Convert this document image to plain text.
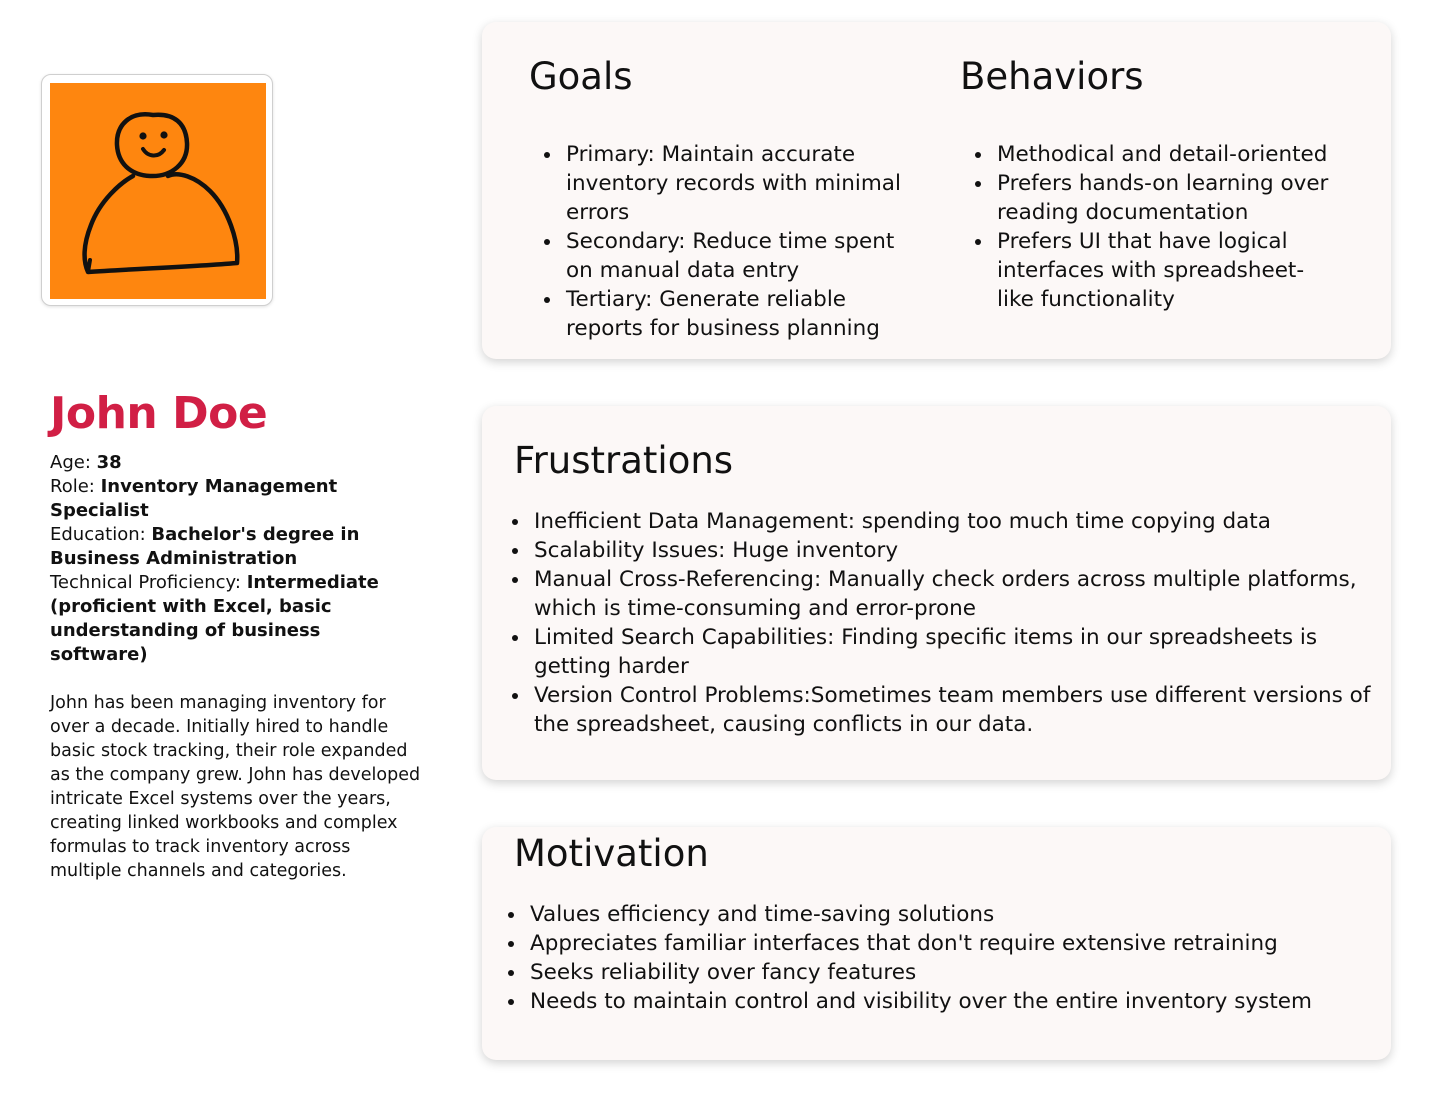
John Doe
Age: 38
Role: Inventory Management Specialist
Education: Bachelor's degree in Business Administration
Technical Proficiency: Intermediate (proficient with Excel, basic understanding of business software)

John has been managing inventory for over a decade. Initially hired to handle basic stock tracking, their role expanded as the company grew. John has developed intricate Excel systems over the years, creating linked workbooks and complex formulas to track inventory across multiple channels and categories.

Goals	Behaviors
Primary: Maintain accurate inventory records with minimal errors
Secondary: Reduce time spent on manual data entry
Tertiary: Generate reliable reports for business planning
Methodical and detail-oriented
Prefers hands-on learning over reading documentation
Prefers UI that have logical interfaces with spreadsheet-like functionality
Frustrations
Inefficient Data Management: spending too much time copying data
Scalability Issues: Huge inventory
Manual Cross-Referencing: Manually check orders across multiple platforms, which is time-consuming and error-prone
Limited Search Capabilities: Finding specific items in our spreadsheets is getting harder
Version Control Problems:Sometimes team members use different versions of the spreadsheet, causing conflicts in our data.
Motivation
Values efficiency and time-saving solutions
Appreciates familiar interfaces that don't require extensive retraining
Seeks reliability over fancy features
Needs to maintain control and visibility over the entire inventory system
